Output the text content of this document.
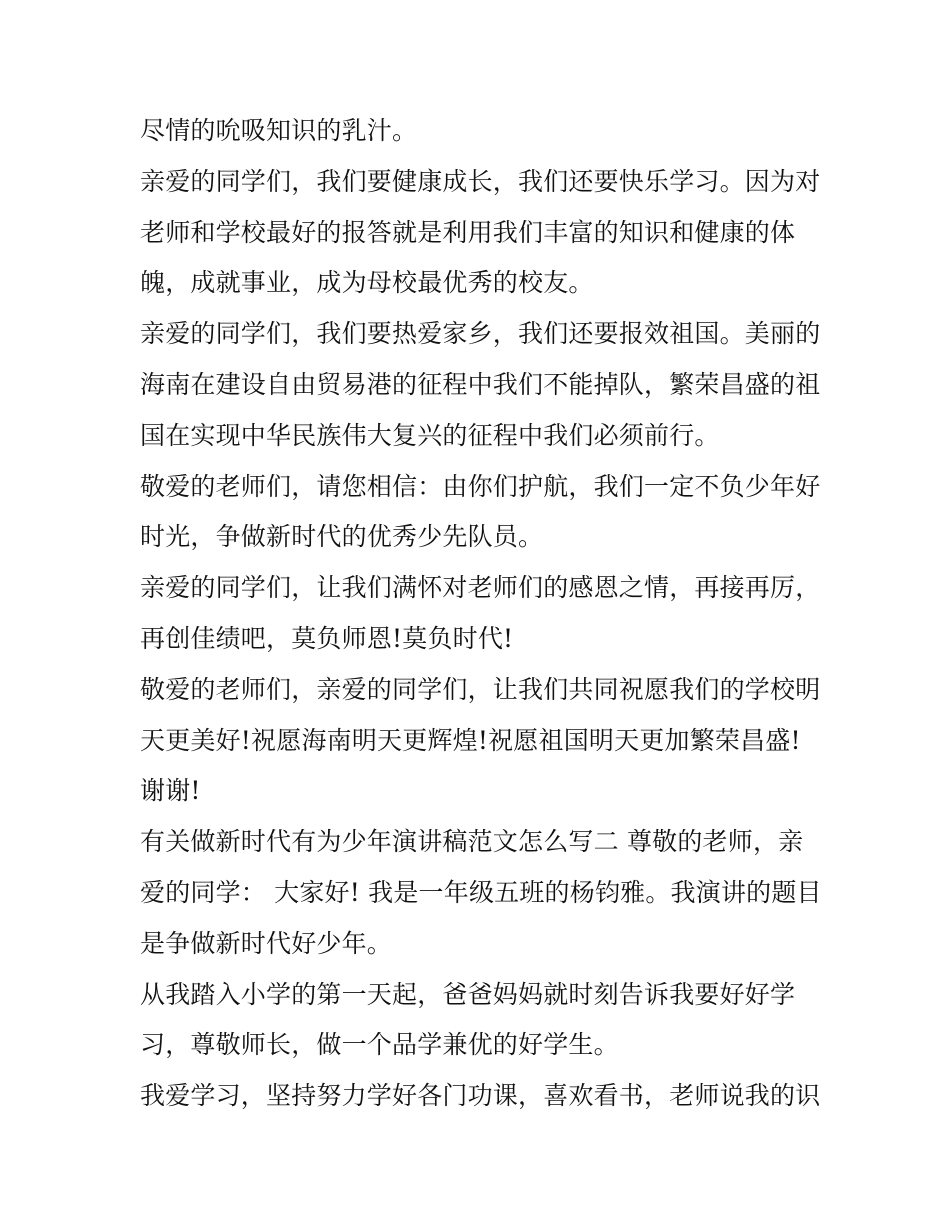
尽情的吮吸知识的乳汁。
亲爱的同学们，我们要健康成长，我们还要快乐学习。因为对
老师和学校最好的报答就是利用我们丰富的知识和健康的体
魄，成就事业，成为母校最优秀的校友。
亲爱的同学们，我们要热爱家乡，我们还要报效祖国。美丽的
海南在建设自由贸易港的征程中我们不能掉队，繁荣昌盛的祖
国在实现中华民族伟大复兴的征程中我们必须前行。
敬爱的老师们，请您相信：由你们护航，我们一定不负少年好
时光，争做新时代的优秀少先队员。
亲爱的同学们，让我们满怀对老师们的感恩之情，再接再厉，
再创佳绩吧，莫负师恩!莫负时代!
敬爱的老师们，亲爱的同学们，让我们共同祝愿我们的学校明
天更美好!祝愿海南明天更辉煌!祝愿祖国明天更加繁荣昌盛!
谢谢!
有关做新时代有为少年演讲稿范文怎么写二 尊敬的老师，亲
爱的同学： 大家好! 我是一年级五班的杨钧雅。我演讲的题目
是争做新时代好少年。
从我踏入小学的第一天起，爸爸妈妈就时刻告诉我要好好学
习，尊敬师长，做一个品学兼优的好学生。
我爱学习，坚持努力学好各门功课，喜欢看书，老师说我的识
